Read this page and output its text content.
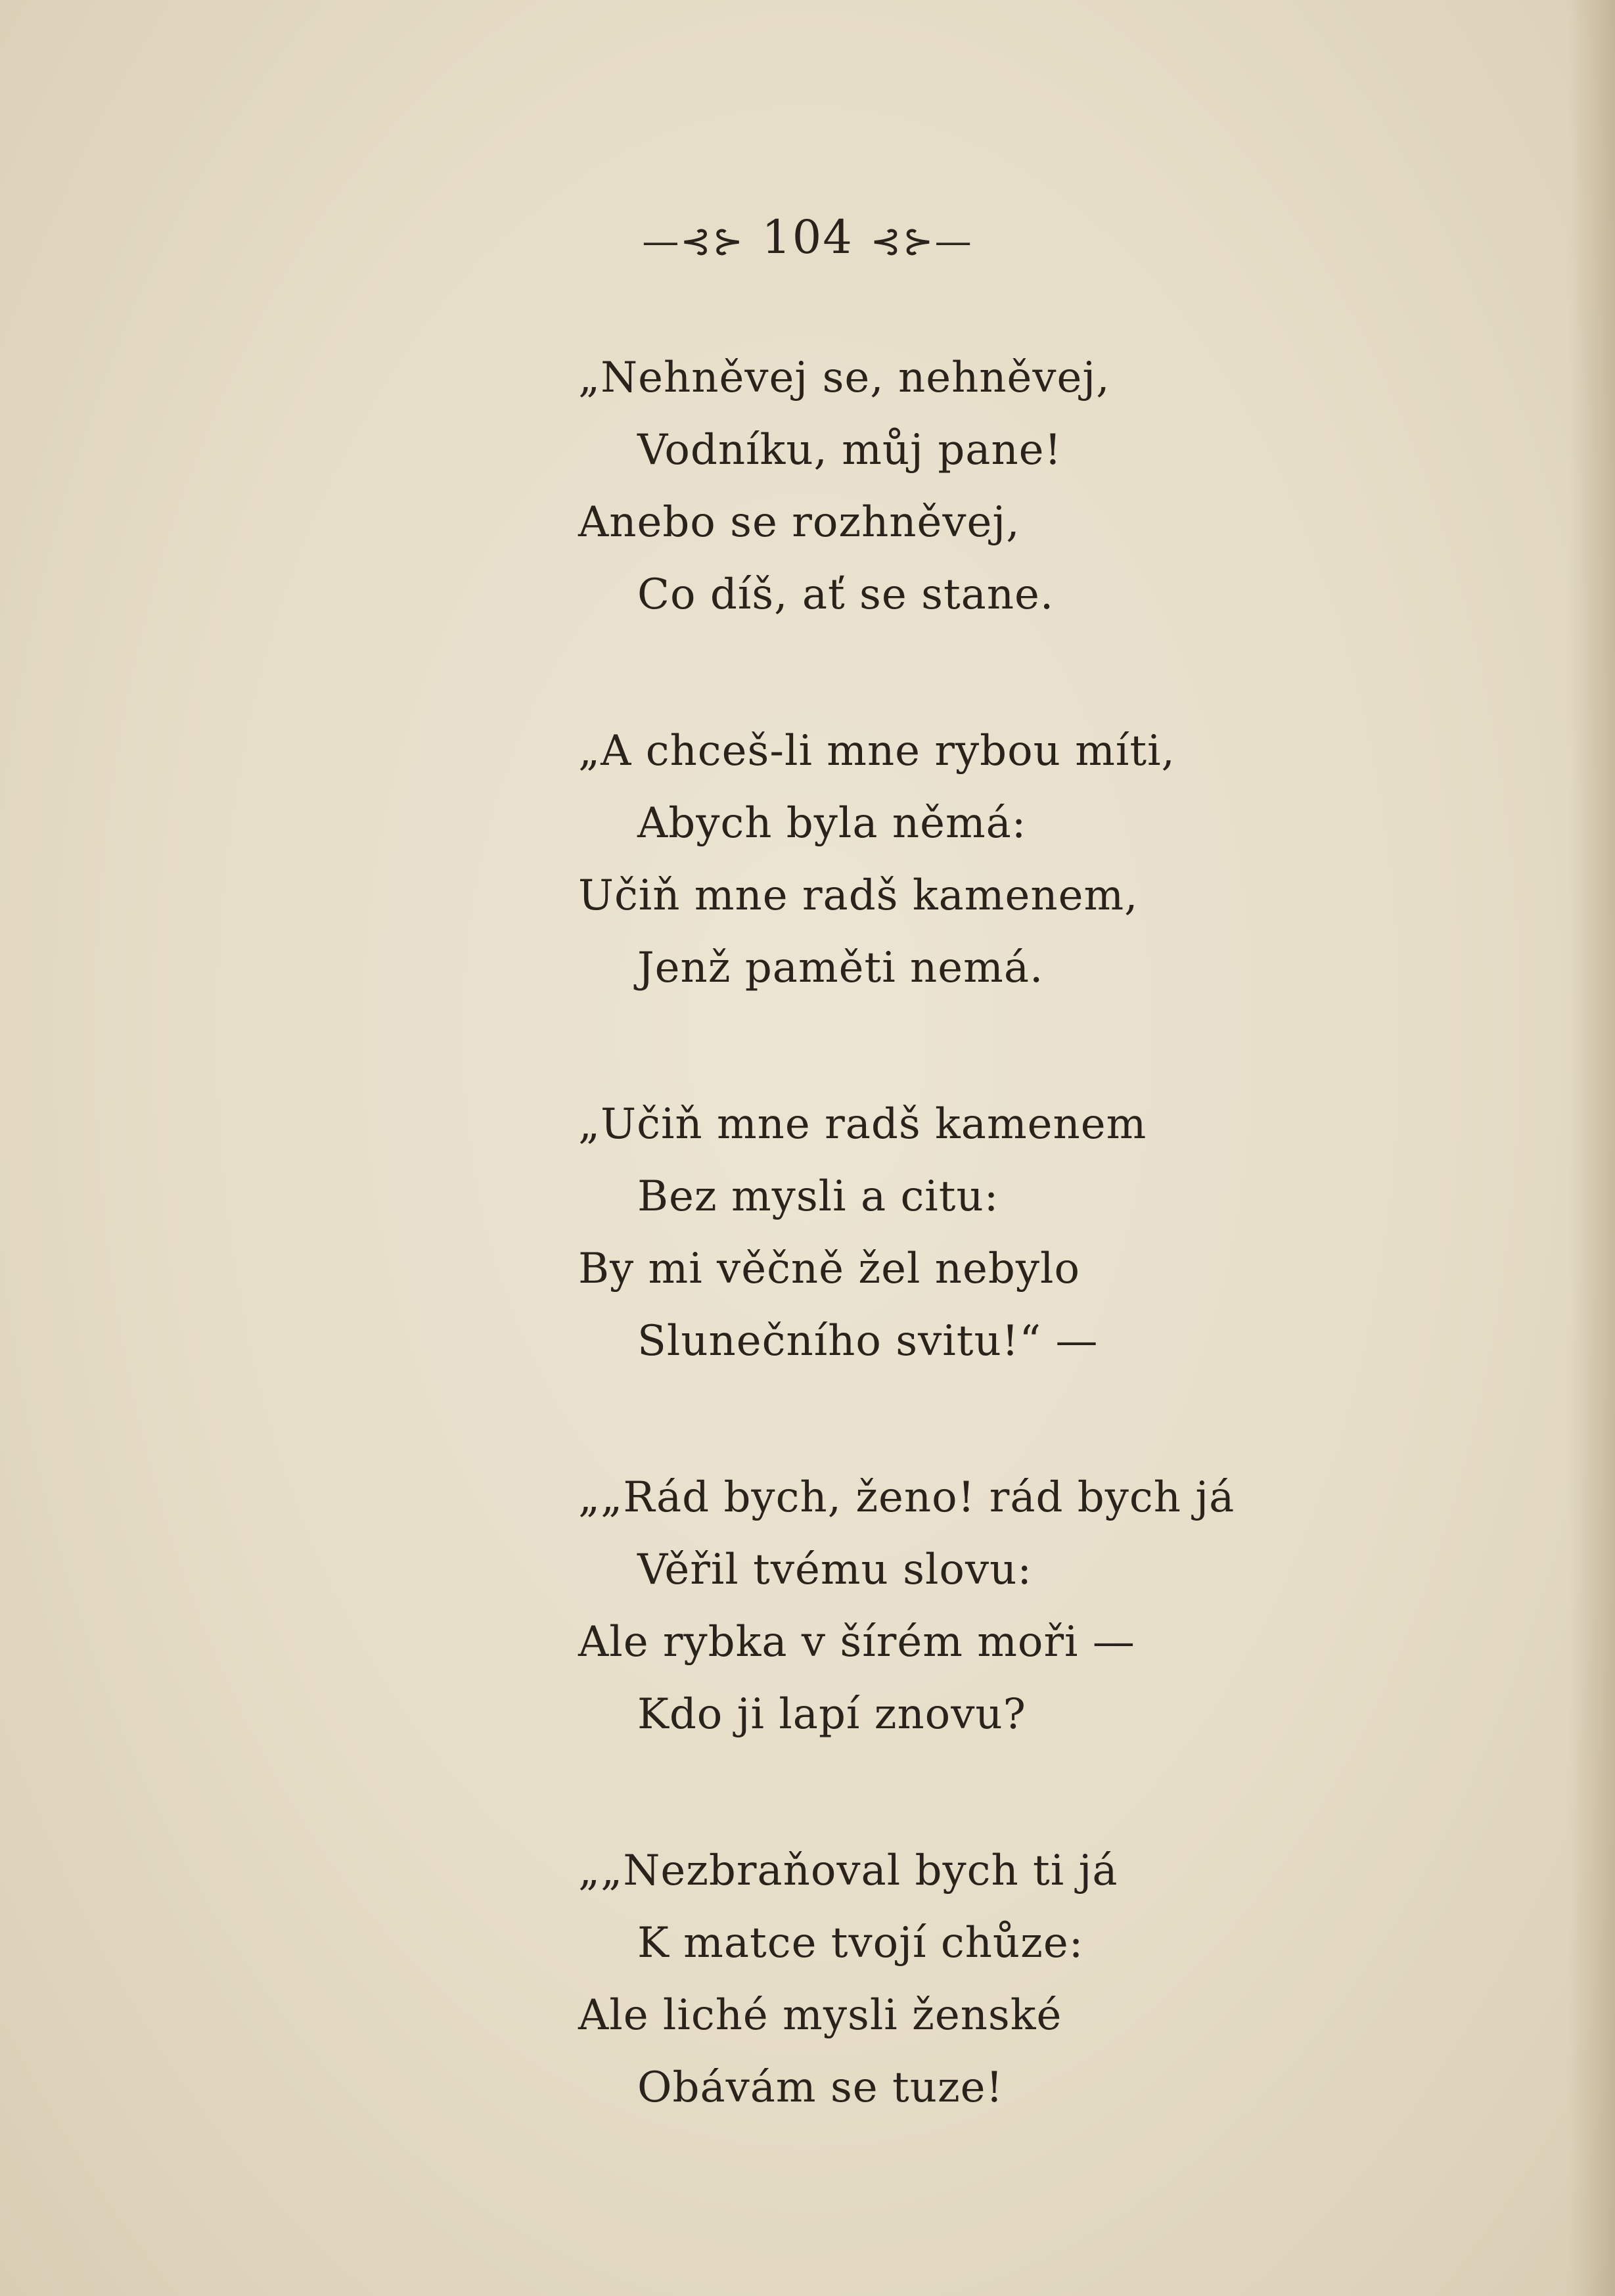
—⊰⊱ 104 ⊰⊱—
„Nehněvej se, nehněvej,
Vodníku, můj pane!
Anebo se rozhněvej,
Co díš, ať se stane.
„A chceš-li mne rybou míti,
Abych byla němá:
Učiň mne radš kamenem,
Jenž paměti nemá.
„Učiň mne radš kamenem
Bez mysli a citu:
By mi věčně žel nebylo
Slunečního svitu!“ —
„„Rád bych, ženo! rád bych já
Věřil tvému slovu:
Ale rybka v šírém moři —
Kdo ji lapí znovu?
„„Nezbraňoval bych ti já
K matce tvojí chůze:
Ale liché mysli ženské
Obávám se tuze!
